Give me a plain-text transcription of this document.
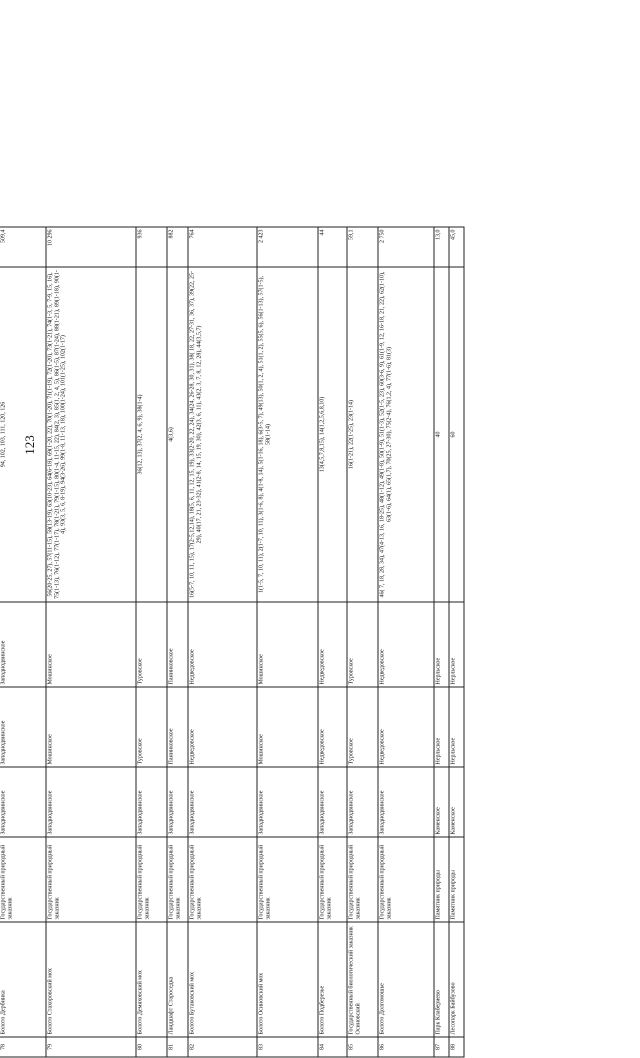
123

78	Болото Дербинка	Государственный природный заказник	Западнодвинское	Западнодвинское	Западнодвинское	94, 102, 103, 111, 120, 126	509,4
79	Болото Стахоровский мох	Государственный природный заказник	Западнодвинское	Мошинское	Мошинское	56(20-25, 27), 57(11-15), 58(13-19), 63(10-23), 64(6-18), 69(1-20, 22), 70(1-20), 71(1-19), 72(1-20), 73(1-21), 74(1-3, 5, 7-9, 15, 16), 75(1-13), 76(1-12), 77(1-17), 78(1-21), 79(1-15), 80(1-4, 11-15, 22), 84(2, 3), 85(1, 2, 4, 5), 86(1-5), 87(1-24), 88(1-21), 89(1-18), 90(1-4), 93(3, 5, 6, 8-19), 94(3-26), 99(1-8, 11-13, 18), 100(1-24), 101(1-25), 102(1-17)	10 296
80	Болото Демяховский мох	Государственный природный заказник	Западнодвинское	Туровское	Туровское	36(12, 13), 37(2, 4, 6, 9), 38(1-4)	936
81	Ландшафт Староседка	Государственный природный заказник	Западнодвинское	Панинковское	Панинковское	4(3,6)	882
82	Болото Бутаковский мох	Государственный природный заказник	Западнодвинское	Недведовское	Недведовское	16(5-7, 10, 11, 15), 17(2-5,12,14), 18(5, 6, 11, 12, 15, 19), 33(2-20, 22, 24), 34(24, 26-28, 30, 31), 38( 18, 22, 27-31, 36, 37), 39(22, 25-29), 40(17, 21, 23-32), 41(2-8, 14, 15, 19, 30), 42(3, 6, 11), 43(2, 3, 7, 8, 12, 28), 44(3,5,7)	764
83	Болото Осиновский мох	Государственный природный заказник	Западнодвинское	Мошинское	Мошинское	1(1-5, 7, 10, 11), 2(1-7, 10, 11), 3(1-6, 8), 4(1-8, 14), 5(1-16, 18), 6(3-5, 7), 49(13), 50(1, 2, 4), 51(1, 2), 55(5, 6), 56(1-13), 57(1-5), 58(1-14)	2 423
84	Болото Подберезье	Государственный природный заказник	Западнодвинское	Недведовское	Недведовское	13(4,5,7,8,15), 14(1,2,5,6,8,10)	44
85	Государственный биологический заказник Осиновский	Государственный природный заказник	Западнодвинское	Туровское	Туровское	16(1-21), 22(1-25), 23(1-14)	59,1
86	Болото Долгомошье	Государственный природный заказник	Западнодвинское	Недведовское	Недведовское	46( 7, 18, 28, 34), 47(4-13, 16, 18-25), 48(1-12), 49(1-8), 50(1-9), 51(1-3), 52(1-5, 23), 60(3-6, 9), 61(1-9, 12, 16-18, 21, 22), 62(1-10), 63(1-6), 64(1), 65(1,7), 70(25, 27-30), 75(2-4), 76(1,2, 4), 77(1-6), 81(3)	2 750
87	Парк Клабериево	Памятник природы	Каменское	Нерльское	Нерльское	40	13,0
88	Лесопарк Байбузово	Памятник природы	Каменское	Нерльское	Нерльское	60	45,0
